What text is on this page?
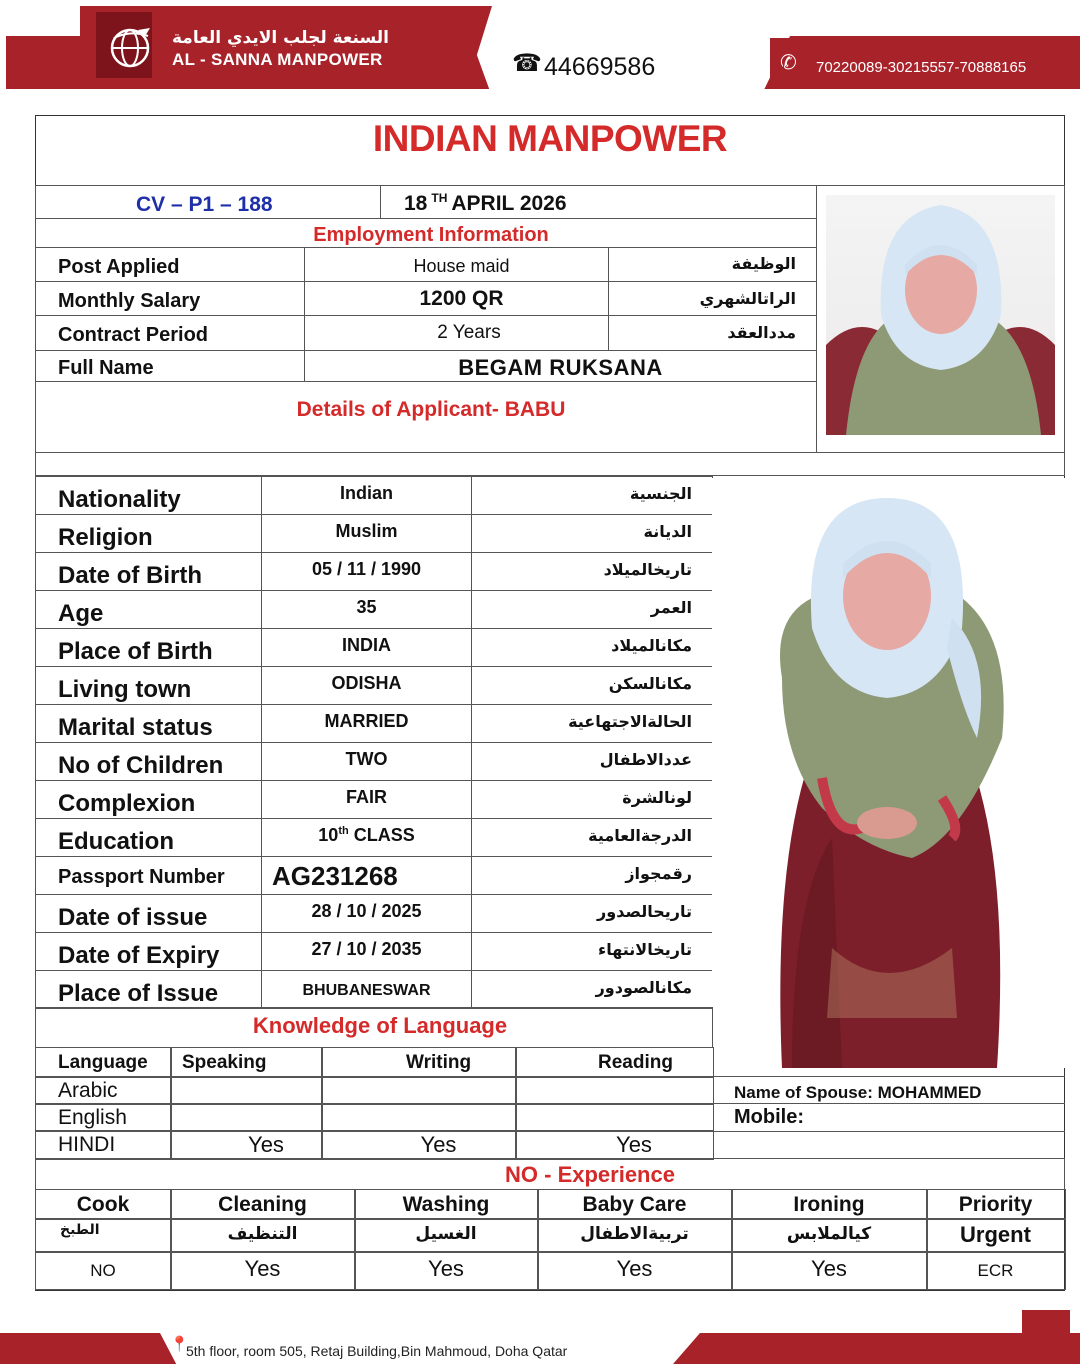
السنعة لجلب الايدي العامة
AL - SANNA MANPOWER	☎ 44669586	✆ 70220089-30215557-70888165
INDIAN MANPOWER
CV – P1 – 188	18 $^{TH}$ APRIL 2026
Employment Information
Post Applied	House maid	الوظيفة
Monthly Salary	1200 QR	الراتالشهري
Contract Period	2 Years	مددالعقد
Full Name	BEGAM RUKSANA
Details of Applicant- BABU
Nationality	Indian	الجنسية
Religion	Muslim	الديانة
Date of Birth	05 / 11 / 1990	تاريخالميلاد
Age	35	العمر
Place of Birth	INDIA	مكانالميلاد
Living town	ODISHA	مكانالسكن
Marital status	MARRIED	الحالةالاجتهاعية
No of Children	TWO	عددالاطفال
Complexion	FAIR	لونالشرة
Education	10th CLASS	الدرجةالعامية
Passport Number AG231268	رقمجواز
Date of issue	28 / 10 / 2025	تاريحالصدور
Date of Expiry	27 / 10 / 2035	تاريخالانتهاء
Place of Issue	BHUBANESWAR	مكانالصودور
Knowledge of Language
Language Speaking	Writing	Reading
Arabic
English
HINDI	Yes	Yes	Yes
Name of Spouse: MOHAMMED
Mobile:
NO - Experience
Cook	Cleaning	Washing	Baby Care	Ironing	Priority
الطبخ	التنظيف	الغسيل	تربيةالاطفال	كيالملابس	Urgent
NO	Yes	Yes	Yes	Yes	ECR
📍
5th floor, room 505, Retaj Building,Bin Mahmoud, Doha Qatar
